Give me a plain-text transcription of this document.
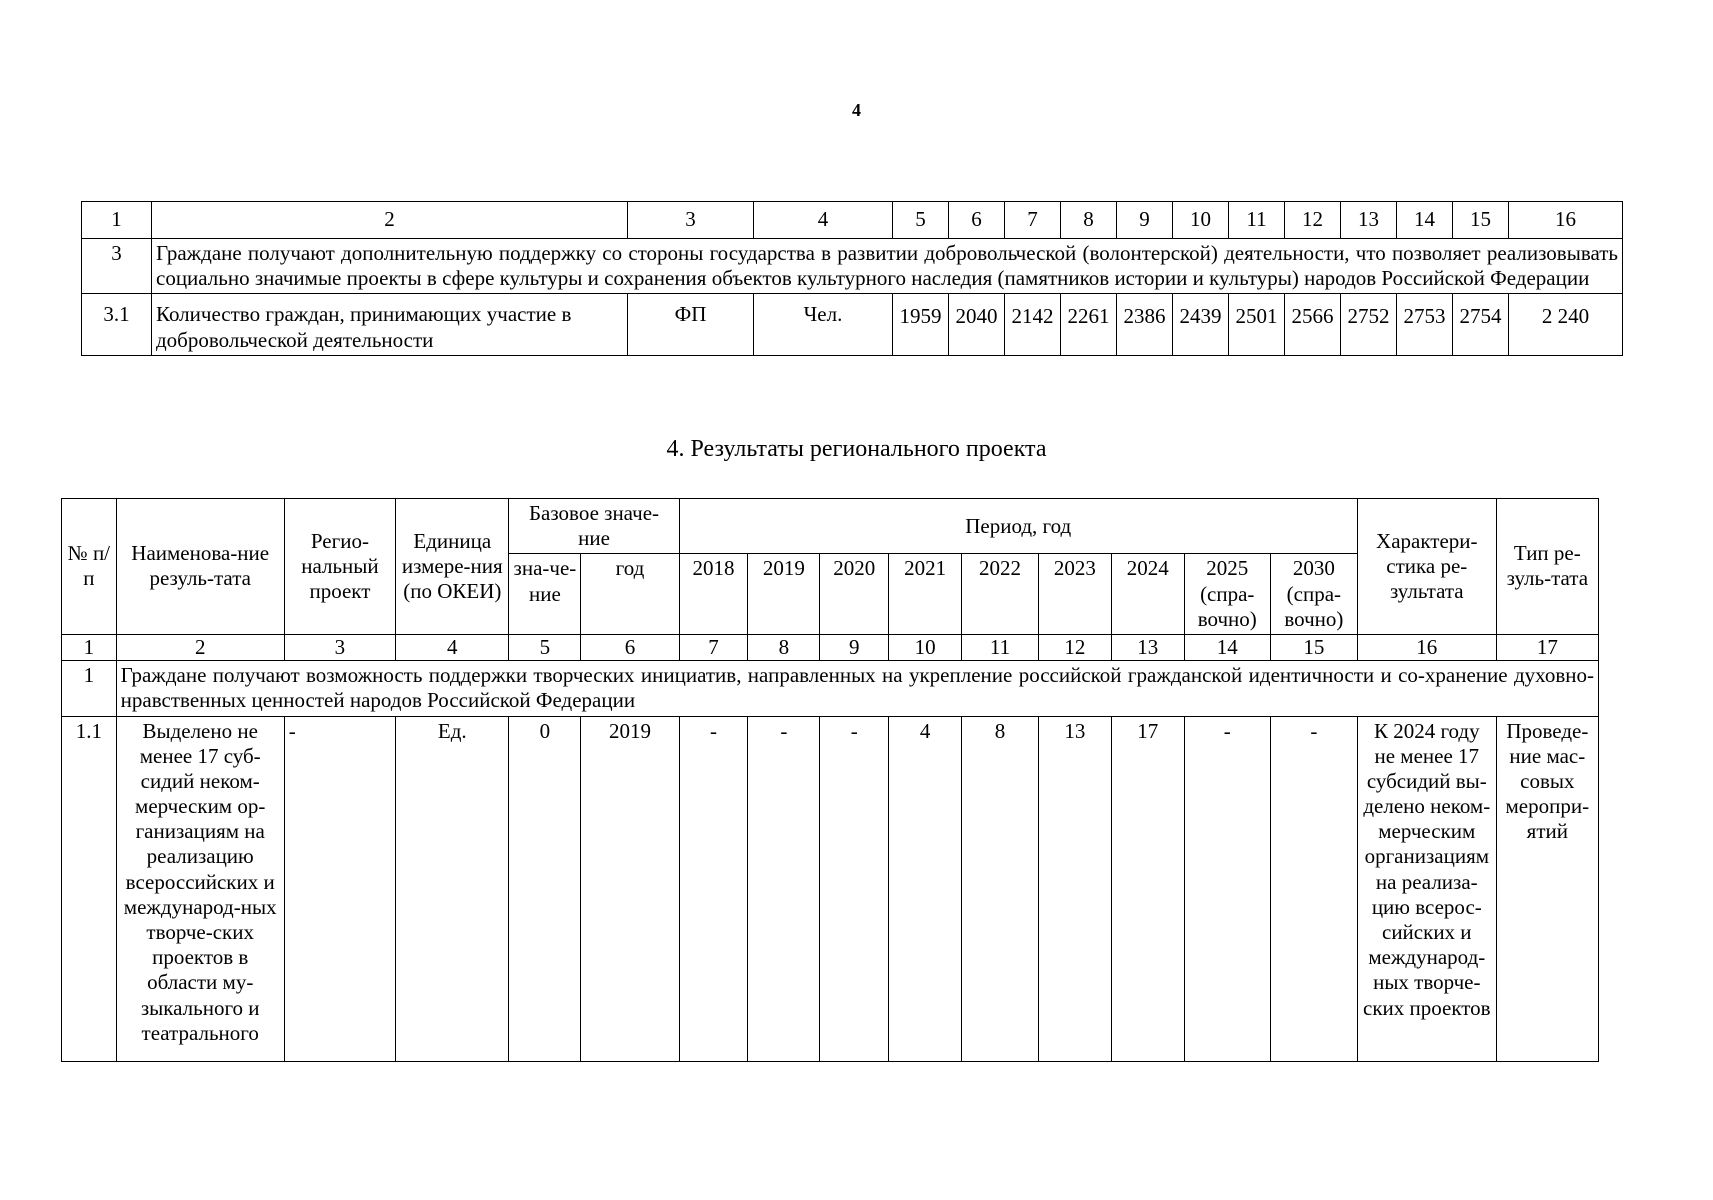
4
1	2	3	4	5	6	7	8	9	10	11	12	13	14	15	16
3	Граждане получают дополнительную поддержку со стороны государства в развитии добровольческой (волонтерской) деятельности, что позволяет реализовывать социально значимые проекты в сфере культуры и сохранения объектов культурного наследия (памятников истории и культуры) народов Российской Федерации														
3.1	Количество граждан, принимающих участие в добровольческой деятельности	ФП	Чел.	1959	2040	2142	2261	2386	2439	2501	2566	2752	2753	2754	2 240
4. Результаты регионального проекта
№ п/п	Наименова-ние резуль-тата	Регио-нальный проект	Единица измере-ния (по ОКЕИ)	Базовое значе-ние		Период, год									Характери-стика ре-зультата	Тип ре-зуль-тата
				зна-че-ние	год	2018	2019	2020	2021	2022	2023	2024	2025 (спра-вочно)	2030 (спра-вочно)		
1	2	3	4	5	6	7	8	9	10	11	12	13	14	15	16	17
1	Граждане получают возможность поддержки творческих инициатив, направленных на укрепление российской гражданской идентичности и со-хранение духовно-нравственных ценностей народов Российской Федерации															
1.1	Выделено не менее 17 суб-сидий неком-мерческим ор-ганизациям на реализацию всероссийских и международ-ных творче-ских проектов в области му-зыкального и театрального	-	Ед.	0	2019	-	-	-	4	8	13	17	-	-	К 2024 году не менее 17 субсидий вы-делено неком-мерческим организациям на реализа-цию всерос-сийских и международ-ных творче-ских проектов	Проведе-ние мас-совых меропри-ятий
